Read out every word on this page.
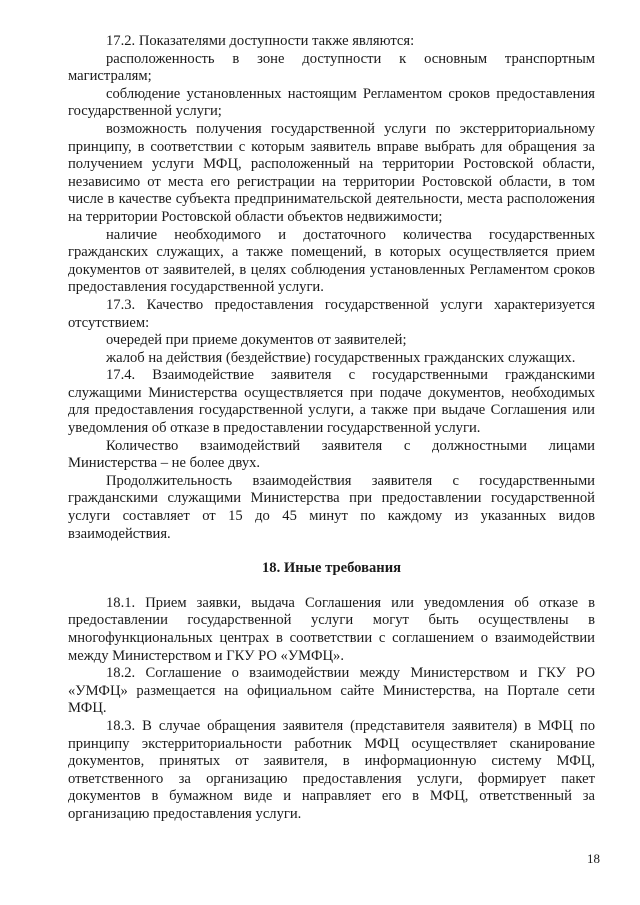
17.2. Показателями доступности также являются:

расположенность в зоне доступности к основным транспортным магистралям;

соблюдение установленных настоящим Регламентом сроков предоставления государственной услуги;

возможность получения государственной услуги по экстерриториальному принципу, в соответствии с которым заявитель вправе выбрать для обращения за получением услуги МФЦ, расположенный на территории Ростовской области, независимо от места его регистрации на территории Ростовской области, в том числе в качестве субъекта предпринимательской деятельности, места расположения на территории Ростовской области объектов недвижимости;

наличие необходимого и достаточного количества государственных гражданских служащих, а также помещений, в которых осуществляется прием документов от заявителей, в целях соблюдения установленных Регламентом сроков предоставления государственной услуги.

17.3. Качество предоставления государственной услуги характеризуется отсутствием:

очередей при приеме документов от заявителей;

жалоб на действия (бездействие) государственных гражданских служащих.

17.4. Взаимодействие заявителя с государственными гражданскими служащими Министерства осуществляется при подаче документов, необходимых для предоставления государственной услуги, а также при выдаче Соглашения или уведомления об отказе в предоставлении государственной услуги.

Количество взаимодействий заявителя с должностными лицами Министерства – не более двух.

Продолжительность взаимодействия заявителя с государственными гражданскими служащими Министерства при предоставлении государственной услуги составляет от 15 до 45 минут по каждому из указанных видов взаимодействия.

18. Иные требования

18.1. Прием заявки, выдача Соглашения или уведомления об отказе в предоставлении государственной услуги могут быть осуществлены в многофункциональных центрах в соответствии с соглашением о взаимодействии между Министерством и ГКУ РО «УМФЦ».

18.2. Соглашение о взаимодействии между Министерством и ГКУ РО «УМФЦ» размещается на официальном сайте Министерства, на Портале сети МФЦ.

18.3. В случае обращения заявителя (представителя заявителя) в МФЦ по принципу экстерриториальности работник МФЦ осуществляет сканирование документов, принятых от заявителя, в информационную систему МФЦ, ответственного за организацию предоставления услуги, формирует пакет документов в бумажном виде и направляет его в МФЦ, ответственный за организацию предоставления услуги.

18
